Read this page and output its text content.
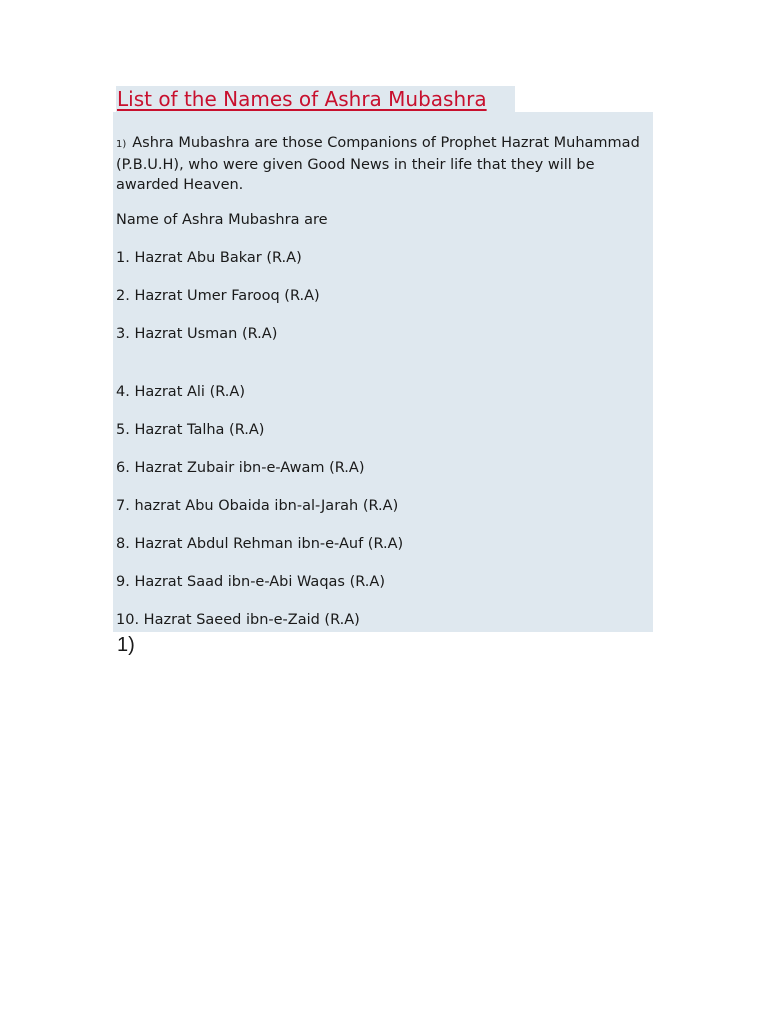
List of the Names of Ashra Mubashra
1) Ashra Mubashra are those Companions of Prophet Hazrat Muhammad (P.B.U.H), who were given Good News in their life that they will be awarded Heaven.
Name of Ashra Mubashra are
1. Hazrat Abu Bakar (R.A)
2. Hazrat Umer Farooq (R.A)
3. Hazrat Usman (R.A)
4. Hazrat Ali (R.A)
5. Hazrat Talha (R.A)
6. Hazrat Zubair ibn-e-Awam (R.A)
7. hazrat Abu Obaida ibn-al-Jarah (R.A)
8. Hazrat Abdul Rehman ibn-e-Auf (R.A)
9. Hazrat Saad ibn-e-Abi Waqas (R.A)
10. Hazrat Saeed ibn-e-Zaid (R.A)
1)
